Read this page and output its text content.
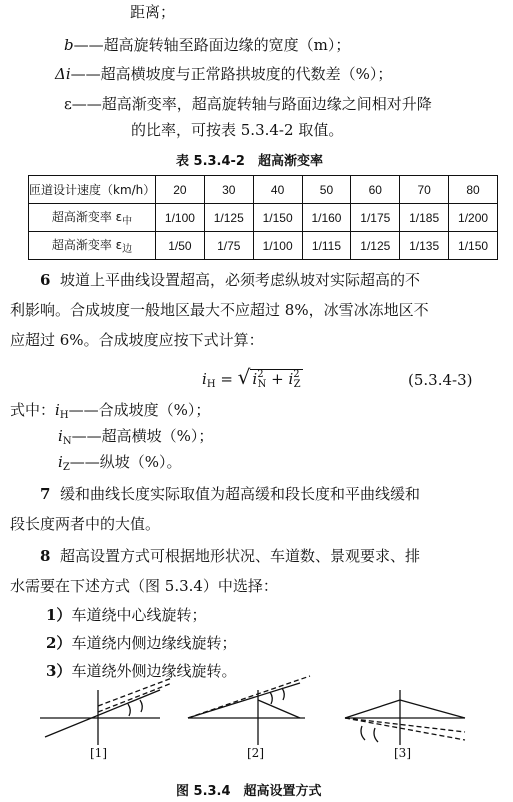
距离；
b——超高旋转轴至路面边缘的宽度（m）；
Δi——超高横坡度与正常路拱坡度的代数差（%）；
ε——超高渐变率，超高旋转轴与路面边缘之间相对升降
的比率，可按表 5.3.4-2 取值。
表 5.3.4-2　超高渐变率
匝道设计速度（km/h）	20	30	40	50	60	70	80
超高渐变率 $\varepsilon_中$	1/100	1/125	1/150	1/160	1/175	1/185	1/200
超高渐变率 $\varepsilon_边$	1/50	1/75	1/100	1/115	1/125	1/135	1/150
6 坡道上平曲线设置超高，必须考虑纵坡对实际超高的不
利影响。合成坡度一般地区最大不应超过 8%，冰雪冰冻地区不
应超过 6%。合成坡度应按下式计算：
$i_H$ = √ $i^2_N + i^2_Z$	(5.3.4-3)
式中：$i_H——$合成坡度（%）；
$i_N——$超高横坡（%）；
$i_Z——$纵坡（%）。
7 缓和曲线长度实际取值为超高缓和段长度和平曲线缓和
段长度两者中的大值。
8 超高设置方式可根据地形状况、车道数、景观要求、排
水需要在下述方式（图 5.3.4）中选择：
1）车道绕中心线旋转；
2）车道绕内侧边缘线旋转；
3）车道绕外侧边缘线旋转。
[1]	[2]	[3]
图 5.3.4　超高设置方式
